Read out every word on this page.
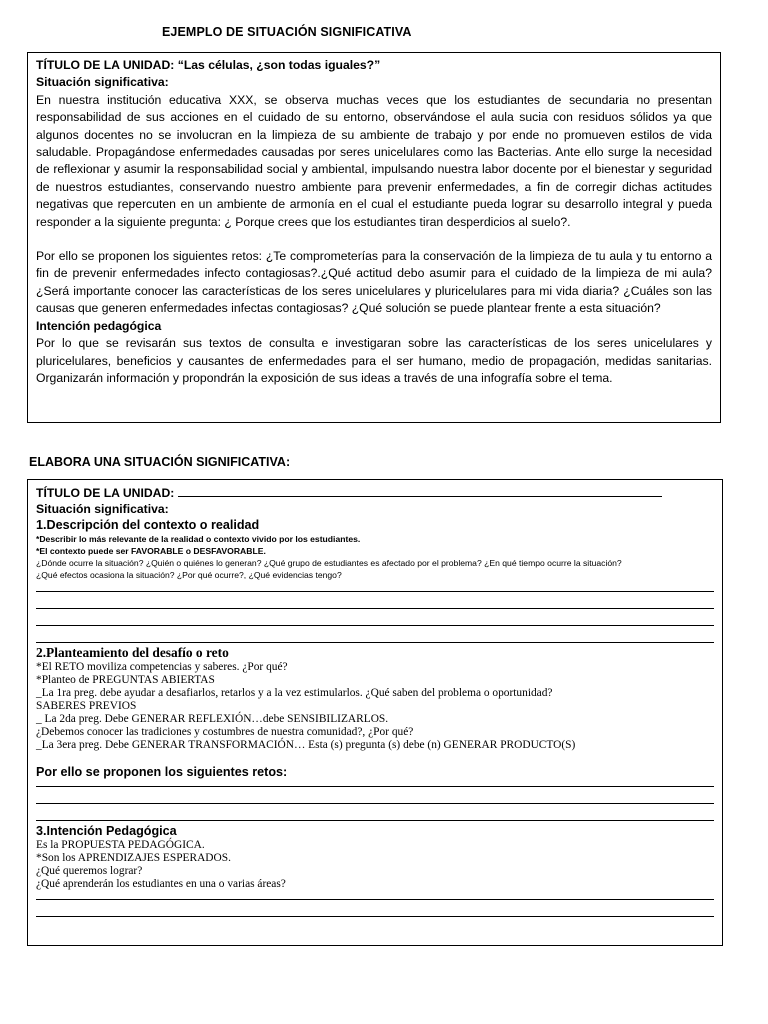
EJEMPLO DE SITUACIÓN SIGNIFICATIVA

TÍTULO DE LA UNIDAD: “Las células, ¿son todas iguales?”

Situación significativa:

En nuestra institución educativa XXX, se observa muchas veces que los estudiantes de secundaria no presentan responsabilidad de sus acciones en el cuidado de su entorno, observándose el aula sucia con residuos sólidos ya que algunos docentes no se involucran en la limpieza de su ambiente de trabajo y por ende no promueven estilos de vida saludable. Propagándose enfermedades causadas por seres unicelulares como las Bacterias. Ante ello surge la necesidad de reflexionar y asumir la responsabilidad social y ambiental, impulsando nuestra labor docente por el bienestar y seguridad de nuestros estudiantes, conservando nuestro ambiente para prevenir enfermedades, a fin de corregir dichas actitudes negativas que repercuten en un ambiente de armonía en el cual el estudiante pueda lograr su desarrollo integral y pueda responder a la siguiente pregunta: ¿ Porque crees que los estudiantes tiran desperdicios al suelo?.

Por ello se proponen los siguientes retos: ¿Te comprometerías para la conservación de la limpieza de tu aula y tu entorno a fin de prevenir enfermedades infecto contagiosas?.¿Qué actitud debo asumir para el cuidado de la limpieza de mi aula? ¿Será importante conocer las características de los seres unicelulares y pluricelulares para mi vida diaria? ¿Cuáles son las causas que generen enfermedades infectas contagiosas? ¿Qué solución se puede plantear frente a esta situación?

Intención pedagógica

Por lo que se revisarán sus textos de consulta e investigaran sobre las características de los seres unicelulares y pluricelulares, beneficios y causantes de enfermedades para el ser humano, medio de propagación, medidas sanitarias. Organizarán información y propondrán la exposición de sus ideas a través de una infografía sobre el tema.

ELABORA UNA SITUACIÓN SIGNIFICATIVA:

TÍTULO DE LA UNIDAD:

Situación significativa:

1.Descripción del contexto o realidad

*Describir lo más relevante de la realidad o contexto vivido por los estudiantes.

*El contexto puede ser FAVORABLE o DESFAVORABLE.

¿Dónde ocurre la situación? ¿Quién o quiénes lo generan? ¿Qué grupo de estudiantes es afectado por el problema? ¿En qué tiempo ocurre la situación?

¿Qué efectos ocasiona la situación? ¿Por qué ocurre?, ¿Qué evidencias tengo?

2.Planteamiento del desafío o reto

*El RETO moviliza competencias y saberes. ¿Por qué?

*Planteo de PREGUNTAS ABIERTAS

_La 1ra preg. debe ayudar a desafiarlos, retarlos y a la vez estimularlos. ¿Qué saben del problema o oportunidad?

SABERES PREVIOS

_ La 2da preg. Debe GENERAR REFLEXIÓN…debe SENSIBILIZARLOS.

¿Debemos conocer las tradiciones y costumbres de nuestra comunidad?, ¿Por qué?

_La 3era preg. Debe GENERAR TRANSFORMACIÓN… Esta (s) pregunta (s) debe (n) GENERAR PRODUCTO(S)

Por ello se proponen los siguientes retos:

3.Intención Pedagógica

Es la PROPUESTA PEDAGÓGICA.

*Son los APRENDIZAJES ESPERADOS.

¿Qué queremos lograr?

¿Qué aprenderán los estudiantes en una o varias áreas?
